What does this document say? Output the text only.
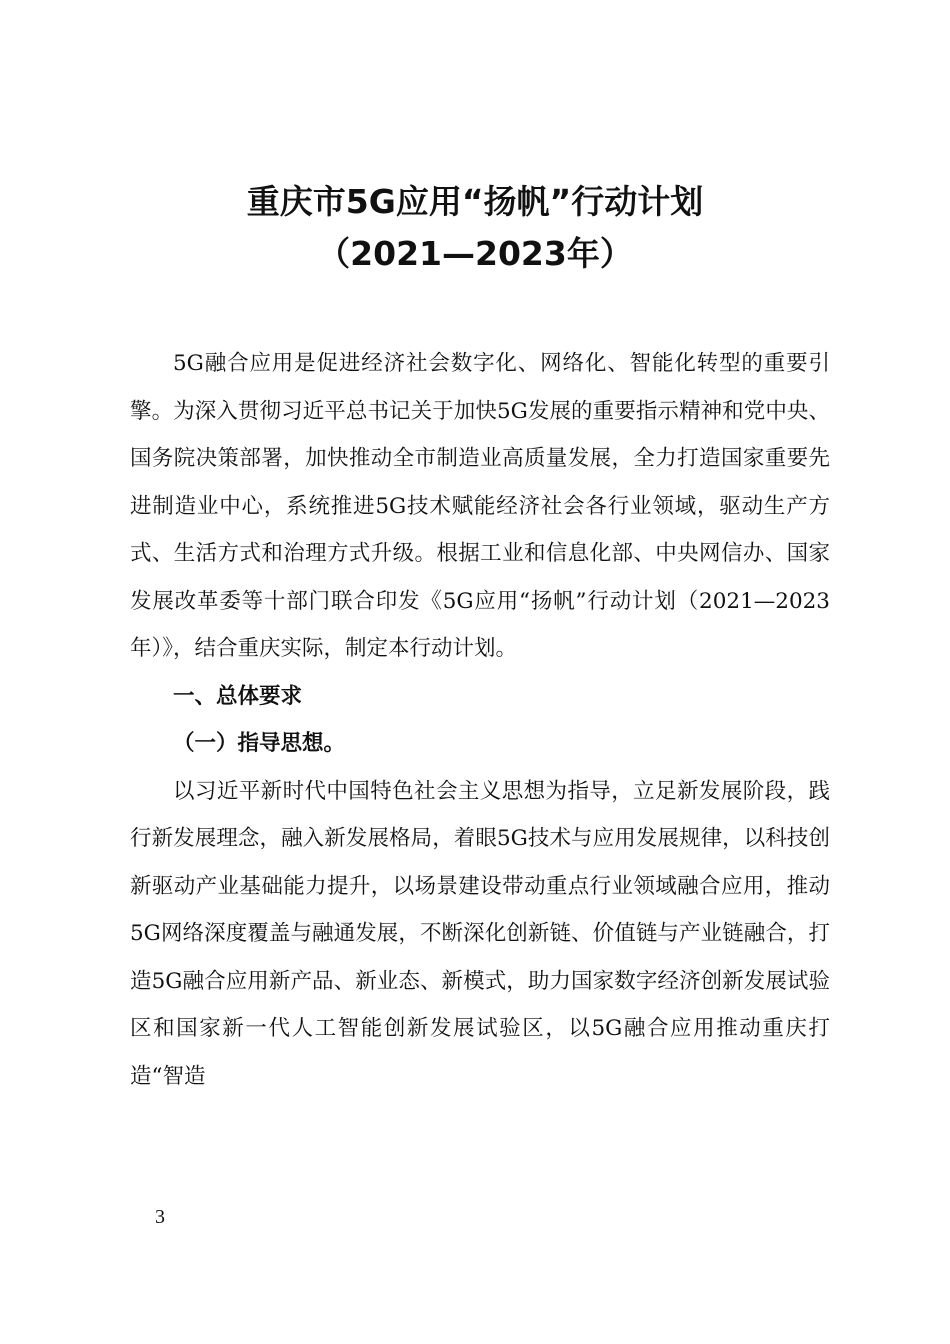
重庆市5G应用“扬帆”行动计划
（2021—2023年）

5G融合应用是促进经济社会数字化、网络化、智能化转型的重要引擎。为深入贯彻习近平总书记关于加快5G发展的重要指示精神和党中央、国务院决策部署，加快推动全市制造业高质量发展，全力打造国家重要先进制造业中心，系统推进5G技术赋能经济社会各行业领域，驱动生产方式、生活方式和治理方式升级。根据工业和信息化部、中央网信办、国家发展改革委等十部门联合印发《5G应用“扬帆”行动计划（2021—2023年）》，结合重庆实际，制定本行动计划。

一、总体要求

（一）指导思想。

以习近平新时代中国特色社会主义思想为指导，立足新发展阶段，践行新发展理念，融入新发展格局，着眼5G技术与应用发展规律，以科技创新驱动产业基础能力提升，以场景建设带动重点行业领域融合应用，推动5G网络深度覆盖与融通发展，不断深化创新链、价值链与产业链融合，打造5G融合应用新产品、新业态、新模式，助力国家数字经济创新发展试验区和国家新一代人工智能创新发展试验区，以5G融合应用推动重庆打造“智造

3
